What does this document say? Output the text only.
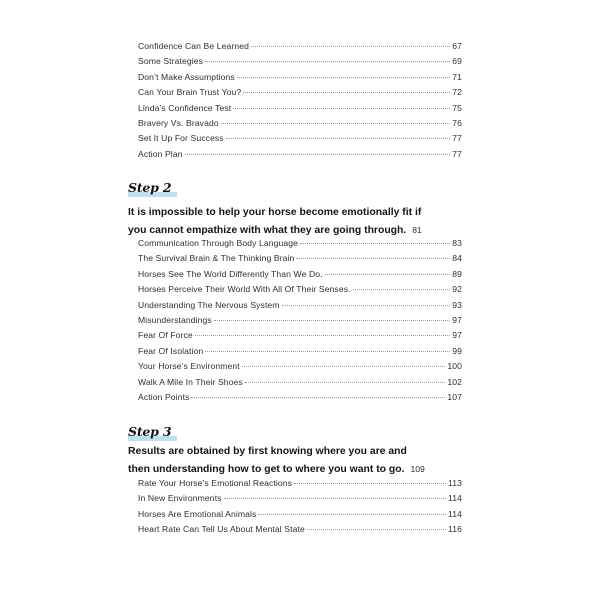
Confidence Can Be Learned	67
Some Strategies	69
Don’t Make Assumptions	71
Can Your Brain Trust You?	72
Linda’s Confidence Test	75
Bravery Vs. Bravado	76
Set It Up For Success	77
Action Plan	77
Step 2
It is impossible to help your horse become emotionally fit if
you cannot empathize with what they are going through. 81
Communication Through Body Language	83
The Survival Brain & The Thinking Brain	84
Horses See The World Differently Than We Do.	89
Horses Perceive Their World With All Of Their Senses.	92
Understanding The Nervous System	93
Misunderstandings	97
Fear Of Force	97
Fear Of Isolation	99
Your Horse’s Environment	100
Walk A Mile In Their Shoes	102
Action Points	107
Step 3
Results are obtained by first knowing where you are and
then understanding how to get to where you want to go. 109
Rate Your Horse’s Emotional Reactions	113
In New Environments	114
Horses Are Emotional Animals	114
Heart Rate Can Tell Us About Mental State	116
